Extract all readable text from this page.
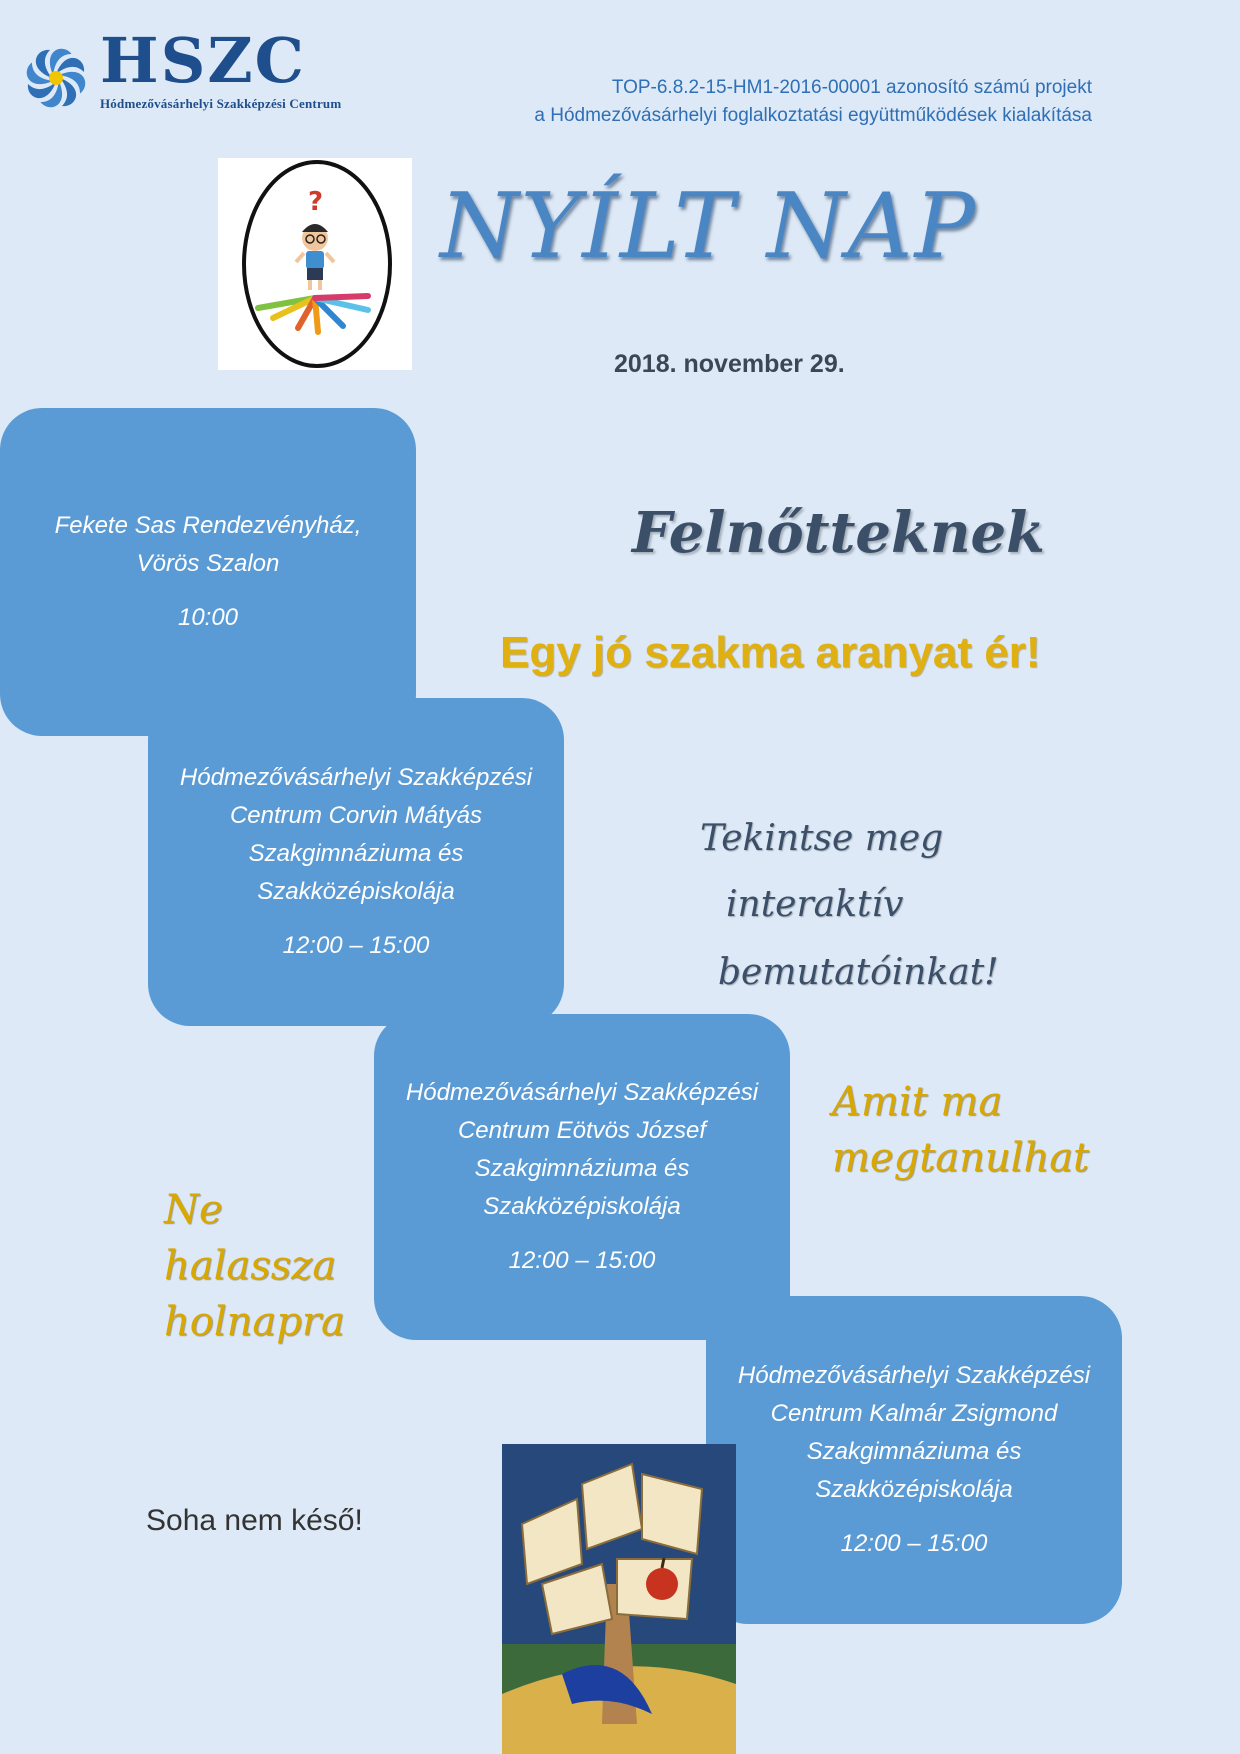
HSZC
Hódmezővásárhelyi Szakképzési Centrum
TOP-6.8.2-15-HM1-2016-00001 azonosító számú projekt
a Hódmezővásárhelyi foglalkoztatási együttműködések kialakítása
? NYÍLT NAP
2018. november 29.
Fekete Sas Rendezvényház,
Vörös Szalon
10:00
Hódmezővásárhelyi Szakképzési
Centrum Corvin Mátyás
Szakgimnáziuma és
Szakközépiskolája
12:00 – 15:00
Hódmezővásárhelyi Szakképzési
Centrum Eötvös József
Szakgimnáziuma és
Szakközépiskolája
12:00 – 15:00
Hódmezővásárhelyi Szakképzési
Centrum Kalmár Zsigmond
Szakgimnáziuma és
Szakközépiskolája
12:00 – 15:00
Felnőtteknek
Egy jó szakma aranyat ér!
Tekintse meg
interaktív
bemutatóinkat!
Amit ma
megtanulhat
Ne
halassza
holnapra
Soha nem késő!
